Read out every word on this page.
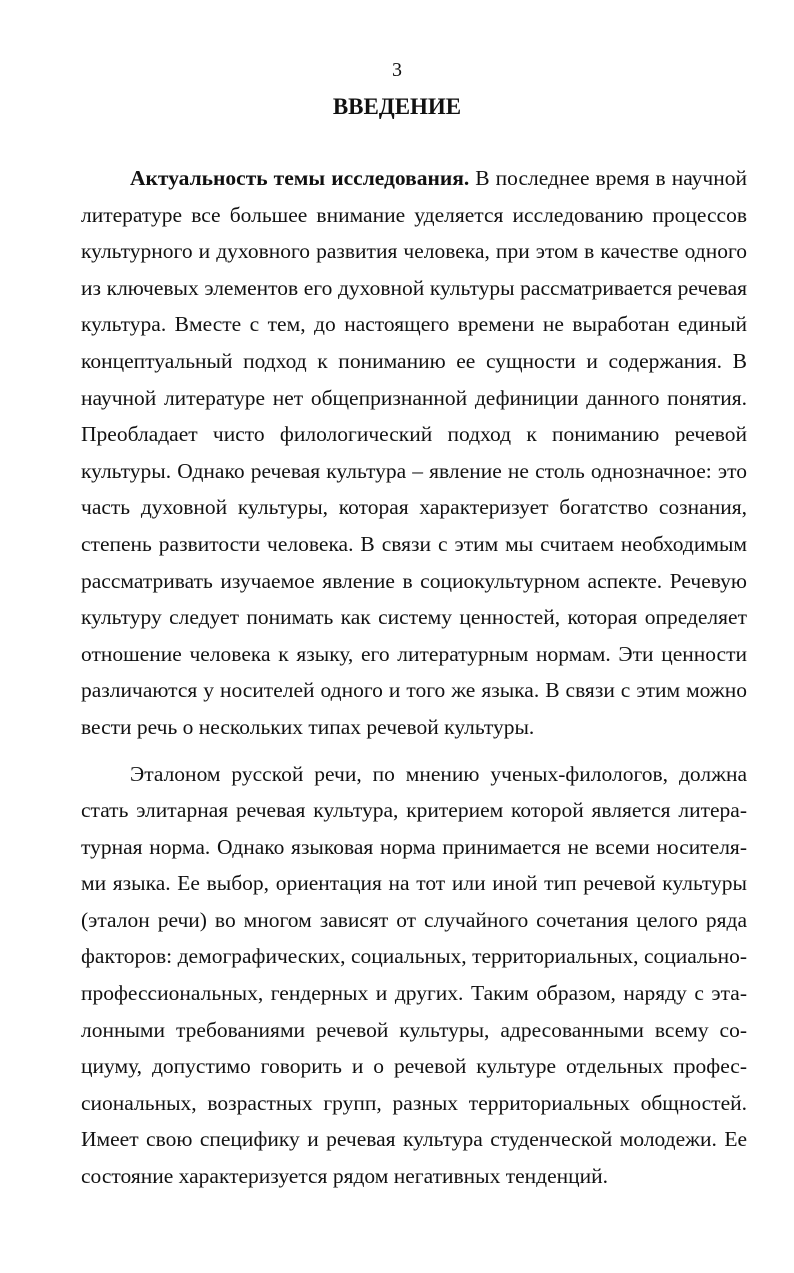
3
ВВЕДЕНИЕ

Актуальность темы исследования. В последнее время в научной литературе все большее внимание уделяется исследованию процессов культурного и духовного развития человека, при этом в качестве одного из ключевых элементов его духовной культуры рассматривается речевая культура. Вместе с тем, до настоящего времени не выработан единый концептуальный подход к пониманию ее сущности и содержания. В научной литературе нет общепризнанной дефиниции данного понятия. Преобладает чисто филологический подход к пониманию речевой культуры. Однако речевая культура – явление не столь однозначное: это часть духовной культуры, которая характеризует богатство сознания, степень развитости человека. В связи с этим мы считаем необходимым рассматривать изучаемое явление в социокультурном аспекте. Речевую культуру следует понимать как систему ценностей, которая определяет отношение человека к языку, его литературным нормам. Эти ценности различаются у носителей одного и того же языка. В связи с этим можно вести речь о нескольких типах речевой культуры.

Эталоном русской речи, по мнению ученых-филологов, должна стать элитарная речевая культура, критерием которой является литературная норма. Однако языковая норма принимается не всеми носителями языка. Ее выбор, ориентация на тот или иной тип речевой культуры (эталон речи) во многом зависят от случайного сочетания целого ряда факторов: демографических, социальных, территориальных, социально-профессиональных, гендерных и других. Таким образом, наряду с эталонными требованиями речевой культуры, адресованными всему социуму, допустимо говорить и о речевой культуре отдельных профессиональных, возрастных групп, разных территориальных общностей. Имеет свою специфику и речевая культура студенческой молодежи. Ее состояние характеризуется рядом негативных тенденций.
